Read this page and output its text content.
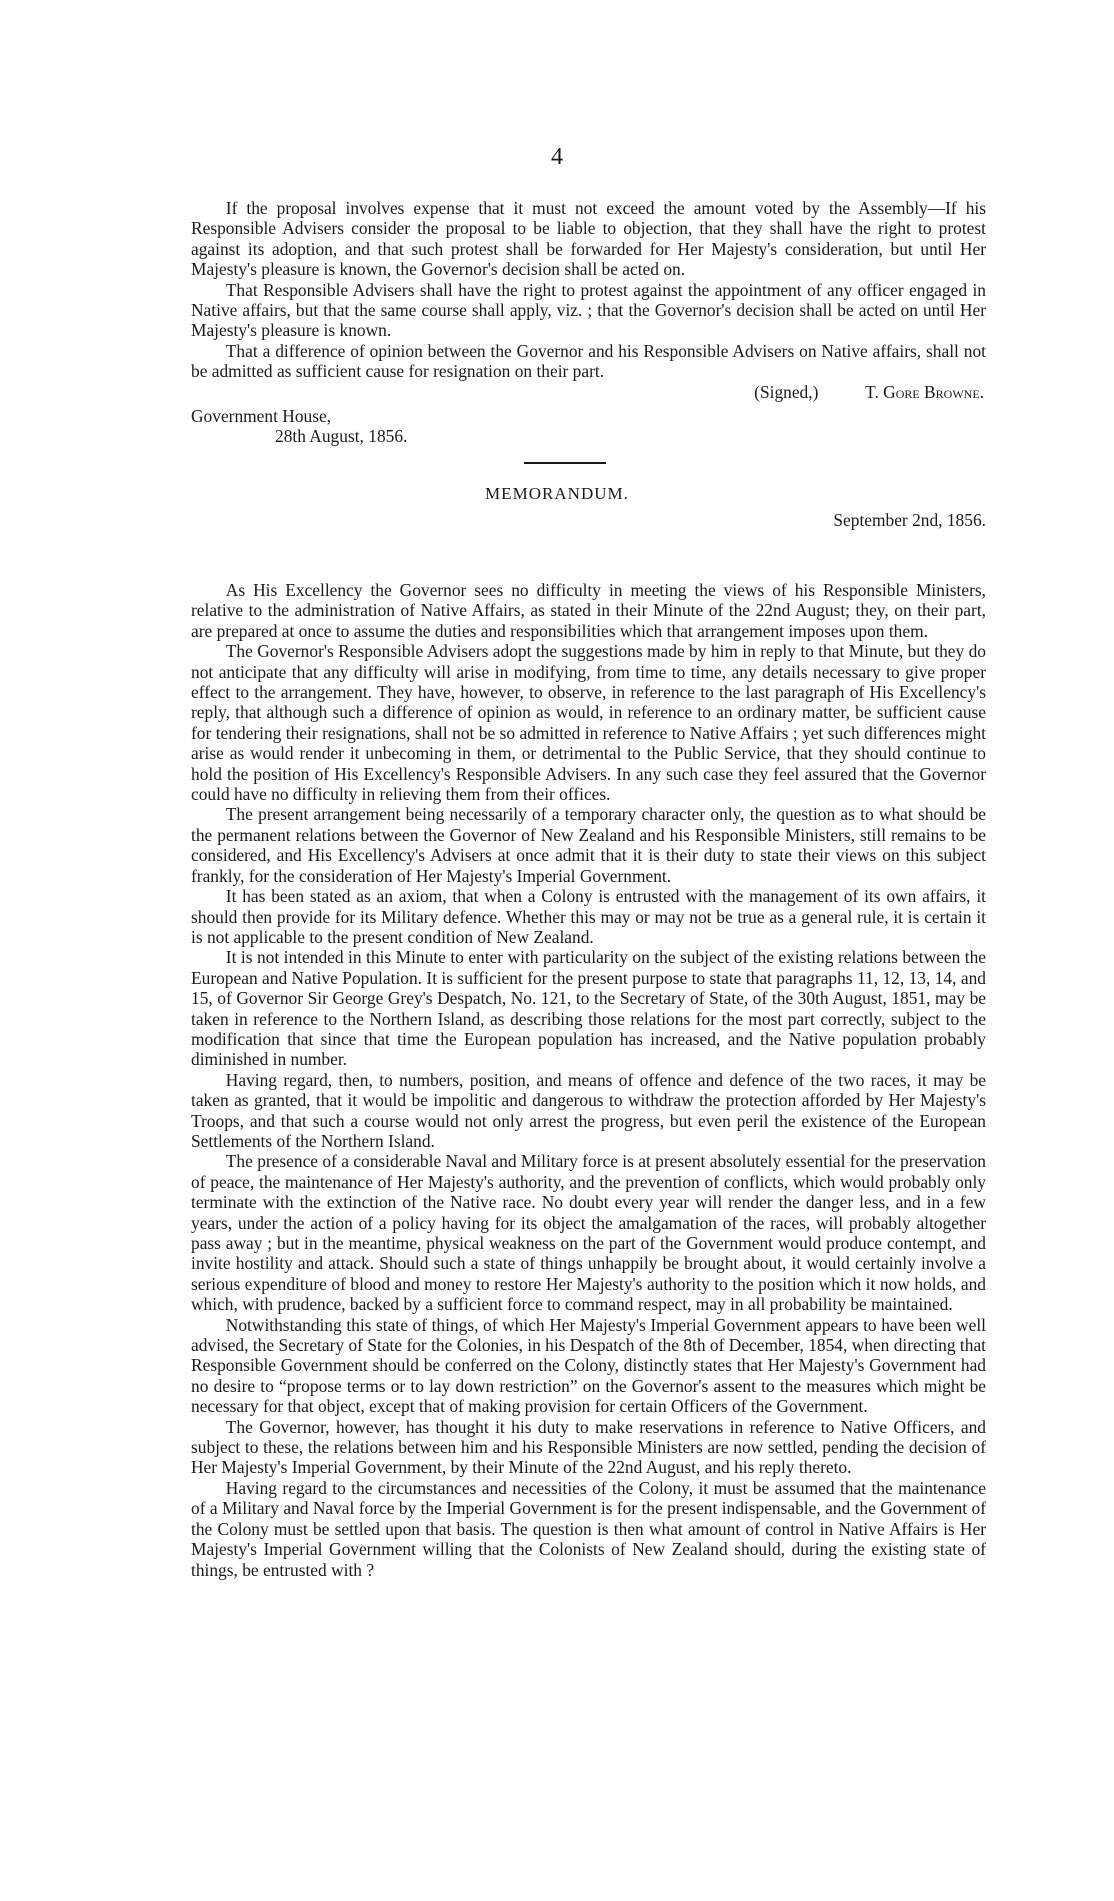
4

If the proposal involves expense that it must not exceed the amount voted by the Assembly—If his Responsible Advisers consider the proposal to be liable to objection, that they shall have the right to protest against its adoption, and that such protest shall be forwarded for Her Majesty's consideration, but until Her Majesty's pleasure is known, the Governor's decision shall be acted on.

That Responsible Advisers shall have the right to protest against the appointment of any officer engaged in Native affairs, but that the same course shall apply, viz. ; that the Governor's decision shall be acted on until Her Majesty's pleasure is known.

That a difference of opinion between the Governor and his Responsible Advisers on Native affairs, shall not be admitted as sufficient cause for resignation on their part.

(Signed,)	T. Gore Browne.

Government House,

28th August, 1856.

MEMORANDUM.
September 2nd, 1856.

As His Excellency the Governor sees no difficulty in meeting the views of his Responsible Ministers, relative to the administration of Native Affairs, as stated in their Minute of the 22nd August; they, on their part, are prepared at once to assume the duties and responsibilities which that arrangement imposes upon them.

The Governor's Responsible Advisers adopt the suggestions made by him in reply to that Minute, but they do not anticipate that any difficulty will arise in modifying, from time to time, any details necessary to give proper effect to the arrangement. They have, however, to observe, in reference to the last paragraph of His Excellency's reply, that although such a difference of opinion as would, in reference to an ordinary matter, be sufficient cause for tendering their resignations, shall not be so admitted in reference to Native Affairs ; yet such differences might arise as would render it unbecoming in them, or detrimental to the Public Service, that they should continue to hold the position of His Excellency's Responsible Advisers. In any such case they feel assured that the Governor could have no difficulty in relieving them from their offices.

The present arrangement being necessarily of a temporary character only, the question as to what should be the permanent relations between the Governor of New Zealand and his Responsible Ministers, still remains to be considered, and His Excellency's Advisers at once admit that it is their duty to state their views on this subject frankly, for the consideration of Her Majesty's Imperial Government.

It has been stated as an axiom, that when a Colony is entrusted with the management of its own affairs, it should then provide for its Military defence. Whether this may or may not be true as a general rule, it is certain it is not applicable to the present condition of New Zealand.

It is not intended in this Minute to enter with particularity on the subject of the existing relations between the European and Native Population. It is sufficient for the present purpose to state that paragraphs 11, 12, 13, 14, and 15, of Governor Sir George Grey's Despatch, No. 121, to the Secretary of State, of the 30th August, 1851, may be taken in reference to the Northern Island, as describing those relations for the most part correctly, subject to the modification that since that time the European population has increased, and the Native population probably diminished in number.

Having regard, then, to numbers, position, and means of offence and defence of the two races, it may be taken as granted, that it would be impolitic and dangerous to withdraw the protection afforded by Her Majesty's Troops, and that such a course would not only arrest the progress, but even peril the existence of the European Settlements of the Northern Island.

The presence of a considerable Naval and Military force is at present absolutely essential for the preservation of peace, the maintenance of Her Majesty's authority, and the prevention of conflicts, which would probably only terminate with the extinction of the Native race. No doubt every year will render the danger less, and in a few years, under the action of a policy having for its object the amalgamation of the races, will probably altogether pass away ; but in the meantime, physical weakness on the part of the Government would produce contempt, and invite hostility and attack. Should such a state of things unhappily be brought about, it would certainly involve a serious expenditure of blood and money to restore Her Majesty's authority to the position which it now holds, and which, with prudence, backed by a sufficient force to command respect, may in all probability be maintained.

Notwithstanding this state of things, of which Her Majesty's Imperial Government appears to have been well advised, the Secretary of State for the Colonies, in his Despatch of the 8th of December, 1854, when directing that Responsible Government should be conferred on the Colony, distinctly states that Her Majesty's Government had no desire to “propose terms or to lay down restriction” on the Governor's assent to the measures which might be necessary for that object, except that of making provision for certain Officers of the Government.

The Governor, however, has thought it his duty to make reservations in reference to Native Officers, and subject to these, the relations between him and his Responsible Ministers are now settled, pending the decision of Her Majesty's Imperial Government, by their Minute of the 22nd August, and his reply thereto.

Having regard to the circumstances and necessities of the Colony, it must be assumed that the maintenance of a Military and Naval force by the Imperial Government is for the present indispensable, and the Government of the Colony must be settled upon that basis. The question is then what amount of control in Native Affairs is Her Majesty's Imperial Government willing that the Colonists of New Zealand should, during the existing state of things, be entrusted with ?
